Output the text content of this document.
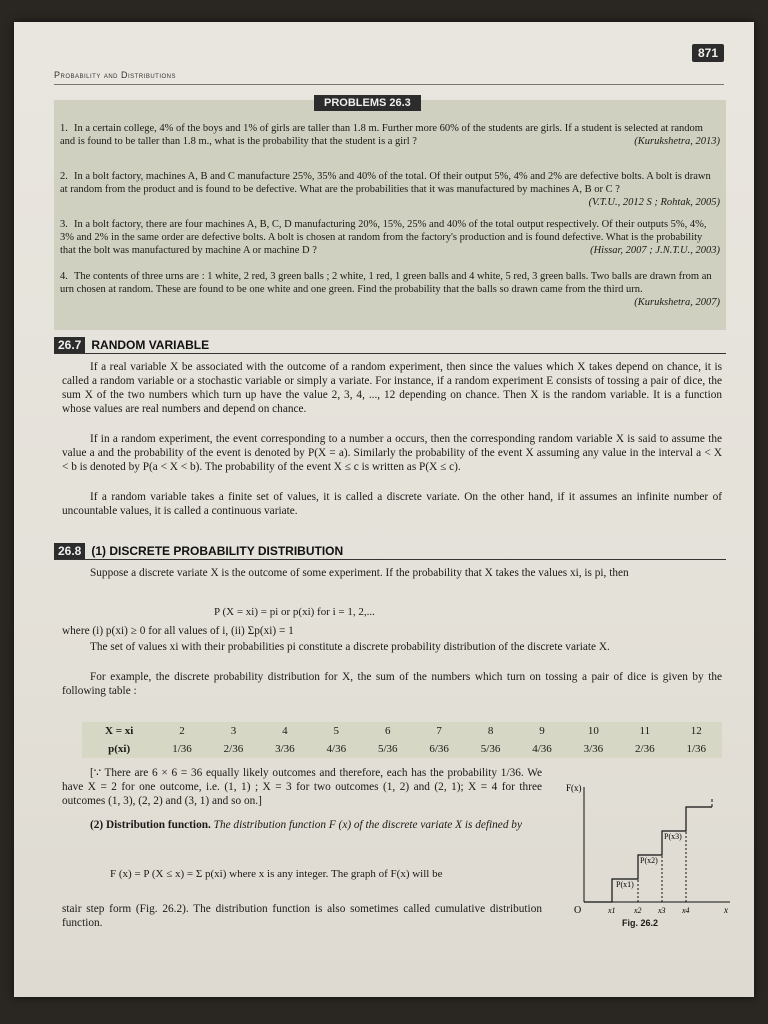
871
Probability and Distributions
PROBLEMS 26.3
1. In a certain college, 4% of the boys and 1% of girls are taller than 1.8 m. Further more 60% of the students are girls. If a student is selected at random and is found to be taller than 1.8 m., what is the probability that the student is a girl ?	(Kurukshetra, 2013)
2. In a bolt factory, machines A, B and C manufacture 25%, 35% and 40% of the total. Of their output 5%, 4% and 2% are defective bolts. A bolt is drawn at random from the product and is found to be defective. What are the probabilities that it was manufactured by machines A, B or C ?
(V.T.U., 2012 S ; Rohtak, 2005)
3. In a bolt factory, there are four machines A, B, C, D manufacturing 20%, 15%, 25% and 40% of the total output respectively. Of their outputs 5%, 4%, 3% and 2% in the same order are defective bolts. A bolt is chosen at random from the factory's production and is found defective. What is the probability that the bolt was manufactured by machine A or machine D ?	(Hissar, 2007 ; J.N.T.U., 2003)
4. The contents of three urns are : 1 white, 2 red, 3 green balls ; 2 white, 1 red, 1 green balls and 4 white, 5 red, 3 green balls. Two balls are drawn from an urn chosen at random. These are found to be one white and one green. Find the probability that the balls so drawn came from the third urn.
(Kurukshetra, 2007)
26.7 RANDOM VARIABLE
If a real variable X be associated with the outcome of a random experiment, then since the values which X takes depend on chance, it is called a random variable or a stochastic variable or simply a variate. For instance, if a random experiment E consists of tossing a pair of dice, the sum X of the two numbers which turn up have the value 2, 3, 4, ..., 12 depending on chance. Then X is the random variable. It is a function whose values are real numbers and depend on chance.
If in a random experiment, the event corresponding to a number a occurs, then the corresponding random variable X is said to assume the value a and the probability of the event is denoted by P(X = a). Similarly the probability of the event X assuming any value in the interval a < X < b is denoted by P(a < X < b). The probability of the event X ≤ c is written as P(X ≤ c).
If a random variable takes a finite set of values, it is called a discrete variate. On the other hand, if it assumes an infinite number of uncountable values, it is called a continuous variate.
26.8 (1) DISCRETE PROBABILITY DISTRIBUTION
Suppose a discrete variate X is the outcome of some experiment. If the probability that X takes the values xi, is pi, then
P (X = xi) = pi or p(xi) for i = 1, 2,...
where (i) p(xi) ≥ 0 for all values of i, (ii) Σp(xi) = 1
The set of values xi with their probabilities pi constitute a discrete probability distribution of the discrete variate X.
For example, the discrete probability distribution for X, the sum of the numbers which turn on tossing a pair of dice is given by the following table :
X = xi	2	3	4	5	6	7	8	9	10	11	12
p(xi)	1/36	2/36	3/36	4/36	5/36	6/36	5/36	4/36	3/36	2/36	1/36
[∵ There are 6 × 6 = 36 equally likely outcomes and therefore, each has the probability 1/36. We have X = 2 for one outcome, i.e. (1, 1) ; X = 3 for two outcomes (1, 2) and (2, 1); X = 4 for three outcomes (1, 3), (2, 2) and (3, 1) and so on.]
(2) Distribution function. The distribution function F (x) of the discrete variate X is defined by
F (x) = P (X ≤ x) = Σ p(xi) where x is any integer. The graph of F(x) will be
stair step form (Fig. 26.2). The distribution function is also sometimes called cumulative distribution function.
F(x)
O	x
x1 x2 x3 x4
P(x1)
P(x2)
P(x3)
Fig. 26.2
